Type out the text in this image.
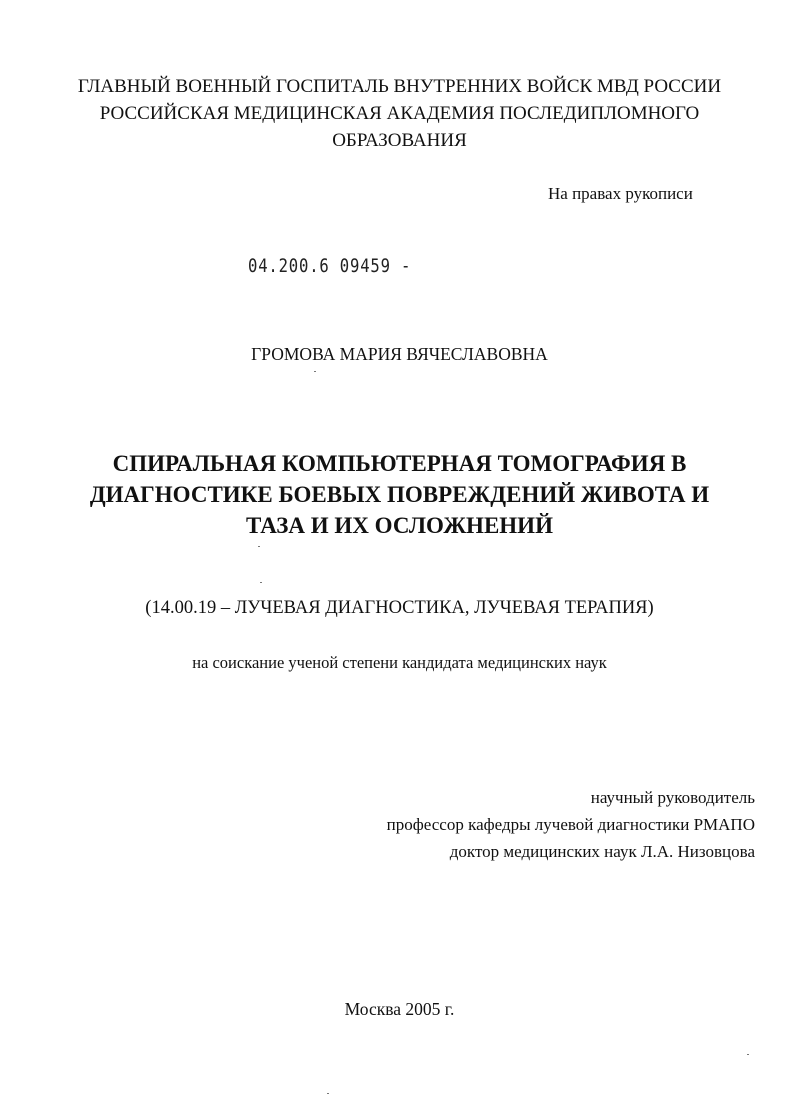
ГЛАВНЫЙ ВОЕННЫЙ ГОСПИТАЛЬ ВНУТРЕННИХ ВОЙСК МВД РОССИИ

РОССИЙСКАЯ МЕДИЦИНСКАЯ АКАДЕМИЯ ПОСЛЕДИПЛОМНОГО

ОБРАЗОВАНИЯ

На правах рукописи

04.200.6 09459 -

ГРОМОВА МАРИЯ ВЯЧЕСЛАВОВНА

СПИРАЛЬНАЯ КОМПЬЮТЕРНАЯ ТОМОГРАФИЯ В

ДИАГНОСТИКЕ БОЕВЫХ ПОВРЕЖДЕНИЙ ЖИВОТА И

ТАЗА И ИХ ОСЛОЖНЕНИЙ

(14.00.19 – ЛУЧЕВАЯ ДИАГНОСТИКА, ЛУЧЕВАЯ ТЕРАПИЯ)

на соискание ученой степени кандидата медицинских наук

научный руководитель

профессор кафедры лучевой диагностики РМАПО

доктор медицинских наук Л.А. Низовцова

Москва 2005 г.
